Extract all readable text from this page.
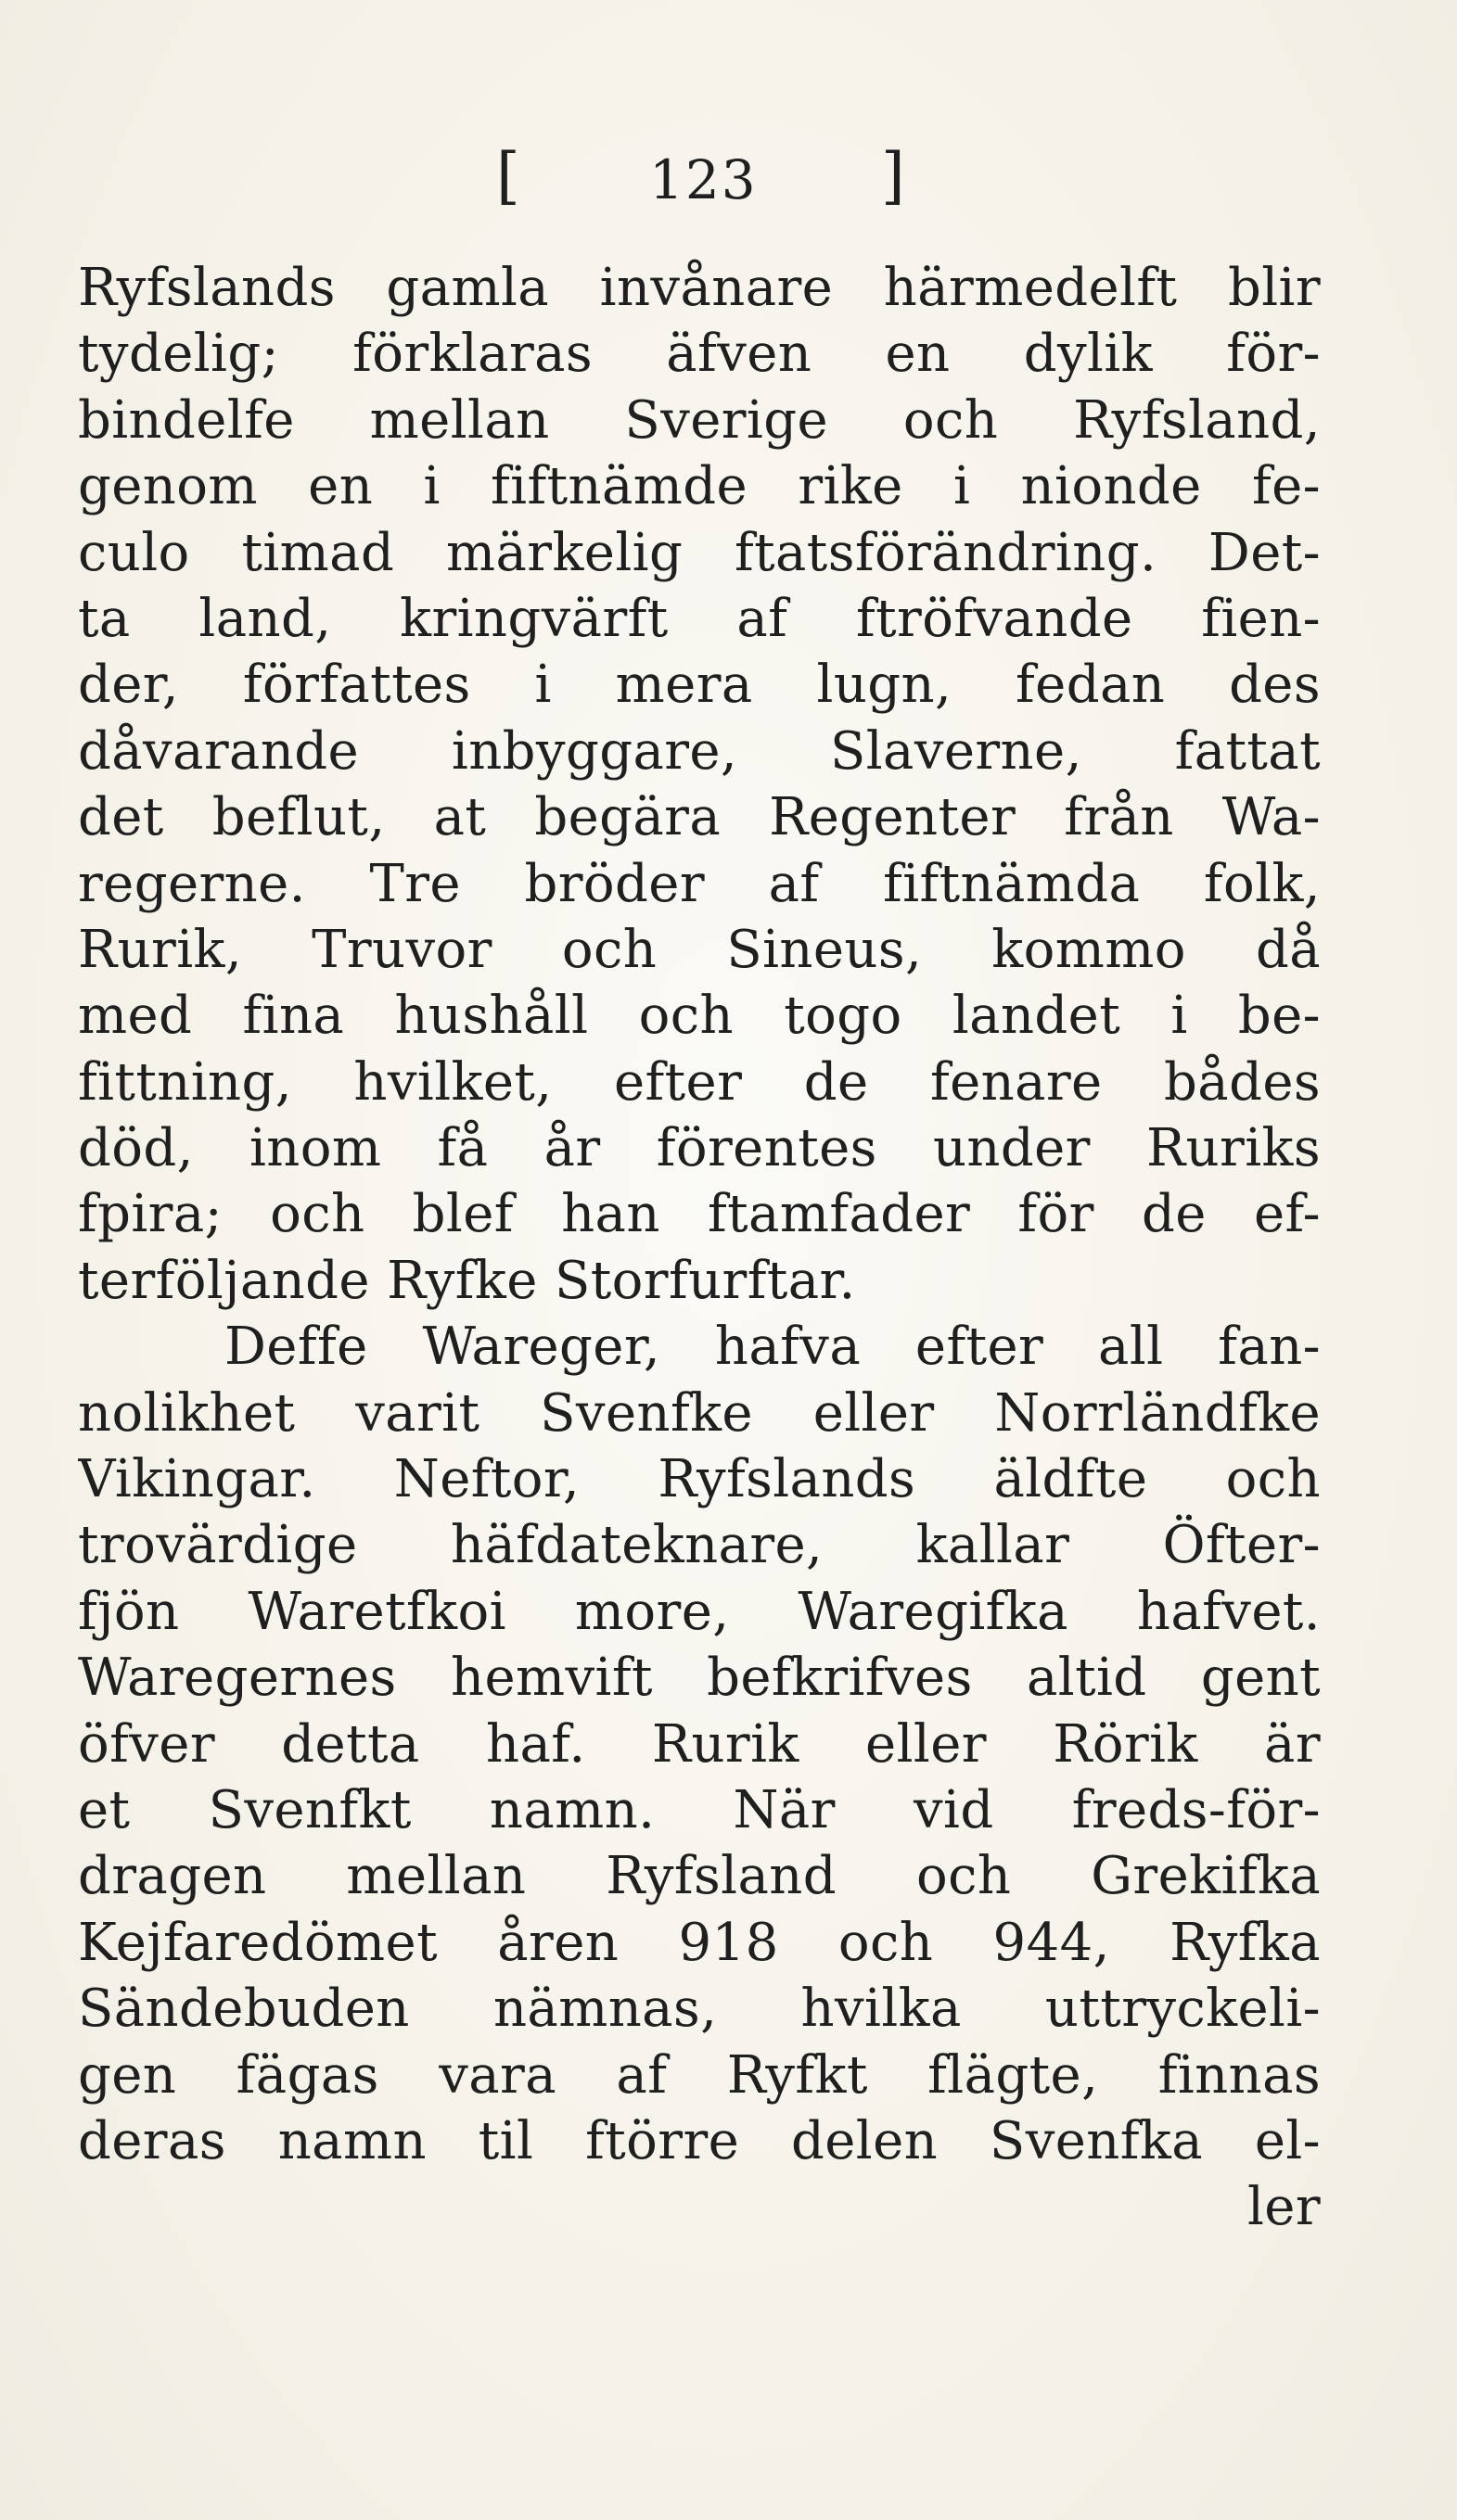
[ 123 ]
Ryfslands gamla invånare härmedelft blir
tydelig; förklaras äfven en dylik för-
bindelfe mellan Sverige och Ryfsland,
genom en i fiftnämde rike i nionde fe-
culo timad märkelig ftatsförändring. Det-
ta land, kringvärft af ftröfvande fien-
der, författes i mera lugn, fedan des
dåvarande inbyggare, Slaverne, fattat
det beflut, at begära Regenter från Wa-
regerne. Tre bröder af fiftnämda folk,
Rurik, Truvor och Sineus, kommo då
med fina hushåll och togo landet i be-
fittning, hvilket, efter de fenare bådes
död, inom få år förentes under Ruriks
fpira; och blef han ftamfader för de ef-
terföljande Ryfke Storfurftar.
Deffe Wareger, hafva efter all fan-
nolikhet varit Svenfke eller Norrländfke
Vikingar. Neftor, Ryfslands äldfte och
trovärdige häfdateknare, kallar Öfter-
fjön Waretfkoi more, Waregifka hafvet.
Waregernes hemvift befkrifves altid gent
öfver detta haf. Rurik eller Rörik är
et Svenfkt namn. När vid freds-för-
dragen mellan Ryfsland och Grekifka
Kejfaredömet åren 918 och 944, Ryfka
Sändebuden nämnas, hvilka uttryckeli-
gen fägas vara af Ryfkt flägte, finnas
deras namn til ftörre delen Svenfka el-
ler
